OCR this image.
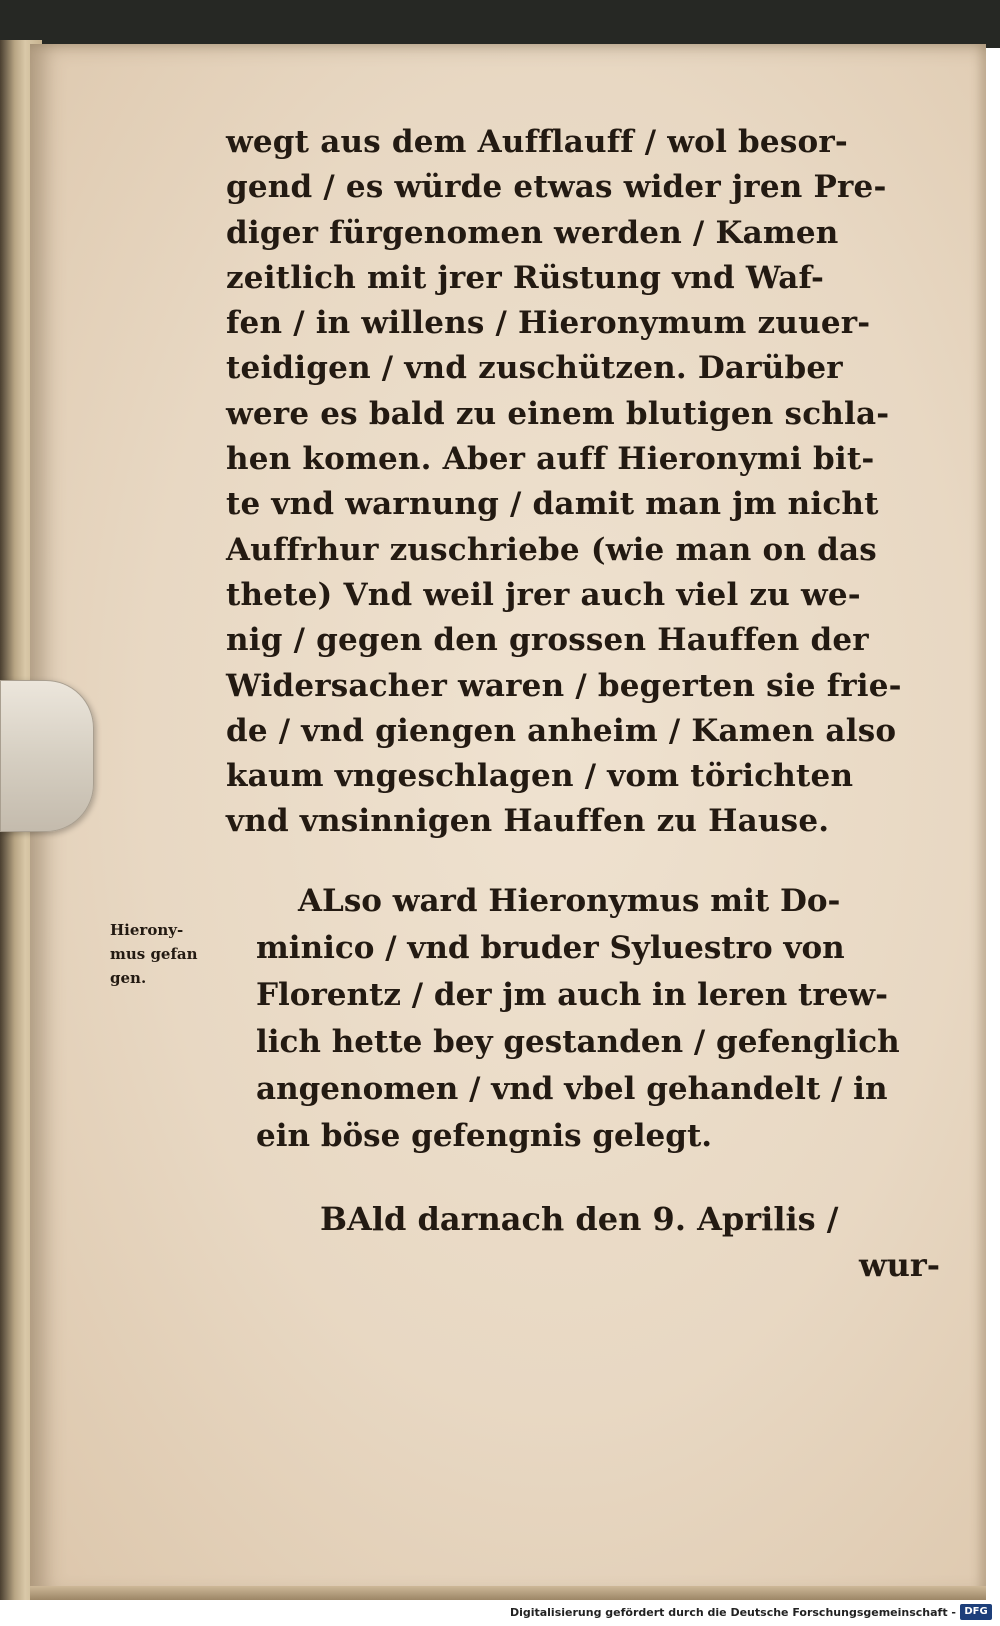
wegt aus dem Aufflauff / wol besor-
gend / es würde etwas wider jren Pre-
diger fürgenomen werden / Kamen
zeitlich mit jrer Rüstung vnd Waf-
fen / in willens / Hieronymum zuuer-
teidigen / vnd zuschützen. Darüber
were es bald zu einem blutigen schla-
hen komen. Aber auff Hieronymi bit-
te vnd warnung / damit man jm nicht
Auffrhur zuschriebe (wie man on das
thete) Vnd weil jrer auch viel zu we-
nig / gegen den grossen Hauffen der
Widersacher waren / begerten sie frie-
de / vnd giengen anheim / Kamen also
kaum vngeschlagen / vom törichten
vnd vnsinnigen Hauffen zu Hause.
Hierony-
mus gefan
gen.
ALso ward Hieronymus mit Do-
minico / vnd bruder Syluestro von
Florentz / der jm auch in leren trew-
lich hette bey gestanden / gefenglich
angenomen / vnd vbel gehandelt / in
ein böse gefengnis gelegt.
BAld darnach den 9. Aprilis /
wur-
Digitalisierung gefördert durch die Deutsche Forschungsgemeinschaft - DFG
